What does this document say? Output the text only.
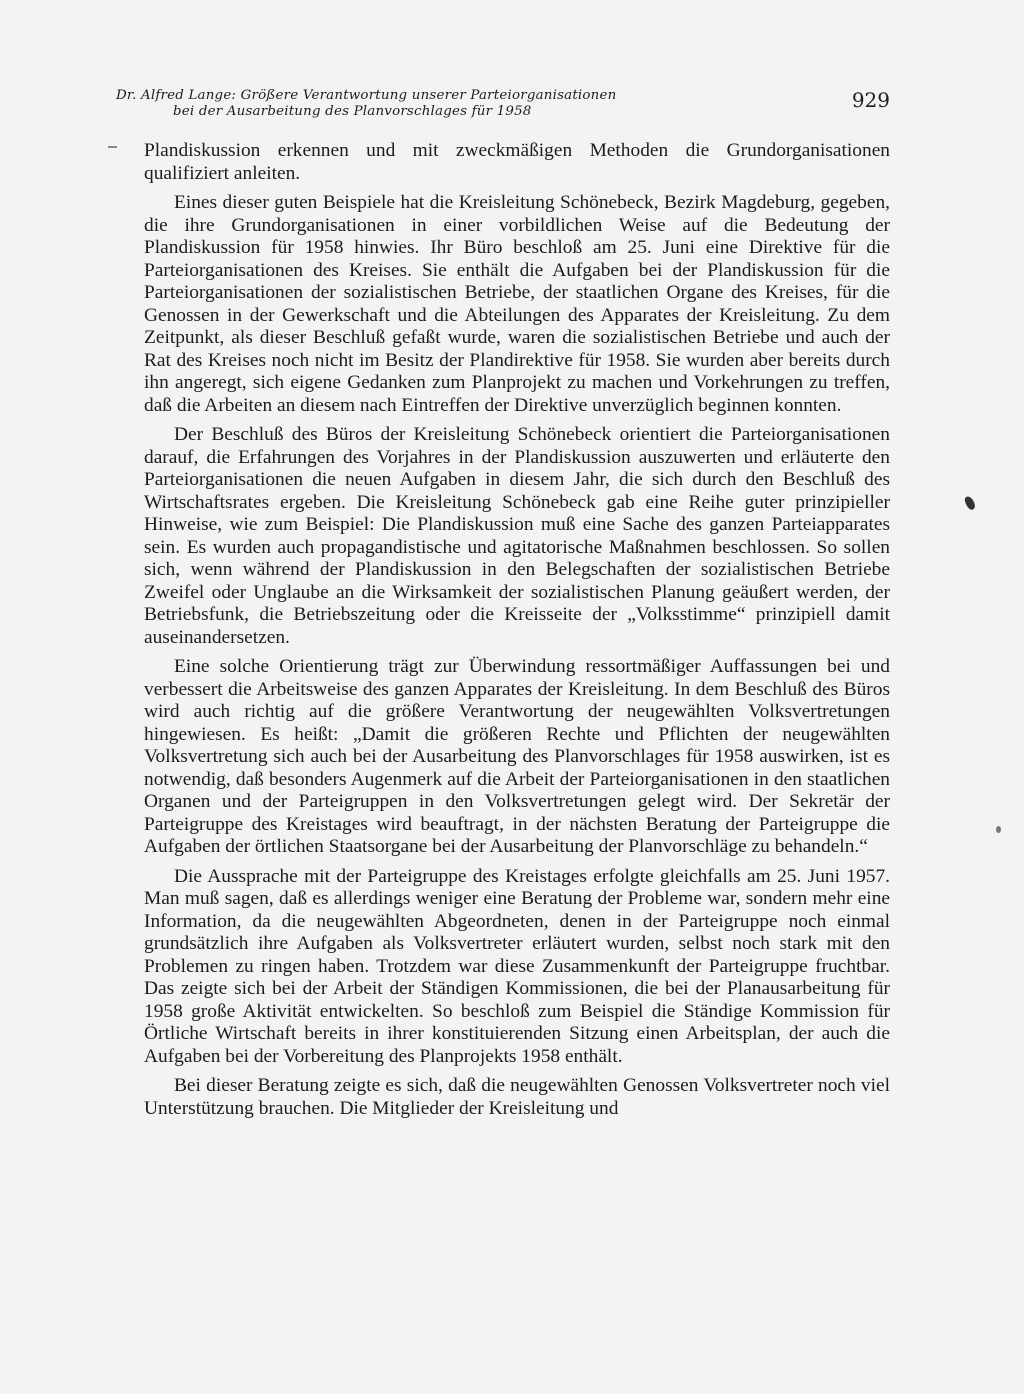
Dr. Alfred Lange: Größere Verantwortung unserer Parteiorganisationen
bei der Ausarbeitung des Planvorschlages für 1958	929

Plandiskussion erkennen und mit zweckmäßigen Methoden die Grundorganisationen qualifiziert anleiten.

Eines dieser guten Beispiele hat die Kreisleitung Schönebeck, Bezirk Magdeburg, gegeben, die ihre Grundorganisationen in einer vorbildlichen Weise auf die Bedeutung der Plandiskussion für 1958 hinwies. Ihr Büro beschloß am 25. Juni eine Direktive für die Parteiorganisationen des Kreises. Sie enthält die Aufgaben bei der Plandiskussion für die Parteiorganisationen der sozialistischen Betriebe, der staatlichen Organe des Kreises, für die Genossen in der Gewerkschaft und die Abteilungen des Apparates der Kreisleitung. Zu dem Zeitpunkt, als dieser Beschluß gefaßt wurde, waren die sozialistischen Betriebe und auch der Rat des Kreises noch nicht im Besitz der Plandirektive für 1958. Sie wurden aber bereits durch ihn angeregt, sich eigene Gedanken zum Planprojekt zu machen und Vorkehrungen zu treffen, daß die Arbeiten an diesem nach Eintreffen der Direktive unverzüglich beginnen konnten.

Der Beschluß des Büros der Kreisleitung Schönebeck orientiert die Parteiorganisationen darauf, die Erfahrungen des Vorjahres in der Plandiskussion auszuwerten und erläuterte den Parteiorganisationen die neuen Aufgaben in diesem Jahr, die sich durch den Beschluß des Wirtschaftsrates ergeben. Die Kreisleitung Schönebeck gab eine Reihe guter prinzipieller Hinweise, wie zum Beispiel: Die Plandiskussion muß eine Sache des ganzen Parteiapparates sein. Es wurden auch propagandistische und agitatorische Maßnahmen beschlossen. So sollen sich, wenn während der Plandiskussion in den Belegschaften der sozialistischen Betriebe Zweifel oder Unglaube an die Wirksamkeit der sozialistischen Planung geäußert werden, der Betriebsfunk, die Betriebszeitung oder die Kreisseite der „Volksstimme“ prinzipiell damit auseinandersetzen.

Eine solche Orientierung trägt zur Überwindung ressortmäßiger Auffassungen bei und verbessert die Arbeitsweise des ganzen Apparates der Kreisleitung. In dem Beschluß des Büros wird auch richtig auf die größere Verantwortung der neugewählten Volksvertretungen hingewiesen. Es heißt: „Damit die größeren Rechte und Pflichten der neugewählten Volksvertretung sich auch bei der Ausarbeitung des Planvorschlages für 1958 auswirken, ist es notwendig, daß besonders Augenmerk auf die Arbeit der Parteiorganisationen in den staatlichen Organen und der Parteigruppen in den Volksvertretungen gelegt wird. Der Sekretär der Parteigruppe des Kreistages wird beauftragt, in der nächsten Beratung der Parteigruppe die Aufgaben der örtlichen Staatsorgane bei der Ausarbeitung der Planvorschläge zu behandeln.“

Die Aussprache mit der Parteigruppe des Kreistages erfolgte gleichfalls am 25. Juni 1957. Man muß sagen, daß es allerdings weniger eine Beratung der Probleme war, sondern mehr eine Information, da die neugewählten Abgeordneten, denen in der Parteigruppe noch einmal grundsätzlich ihre Aufgaben als Volksvertreter erläutert wurden, selbst noch stark mit den Problemen zu ringen haben. Trotzdem war diese Zusammenkunft der Parteigruppe fruchtbar. Das zeigte sich bei der Arbeit der Ständigen Kommissionen, die bei der Planausarbeitung für 1958 große Aktivität entwickelten. So beschloß zum Beispiel die Ständige Kommission für Örtliche Wirtschaft bereits in ihrer konstituierenden Sitzung einen Arbeitsplan, der auch die Aufgaben bei der Vorbereitung des Planprojekts 1958 enthält.

Bei dieser Beratung zeigte es sich, daß die neugewählten Genossen Volksvertreter noch viel Unterstützung brauchen. Die Mitglieder der Kreisleitung und
